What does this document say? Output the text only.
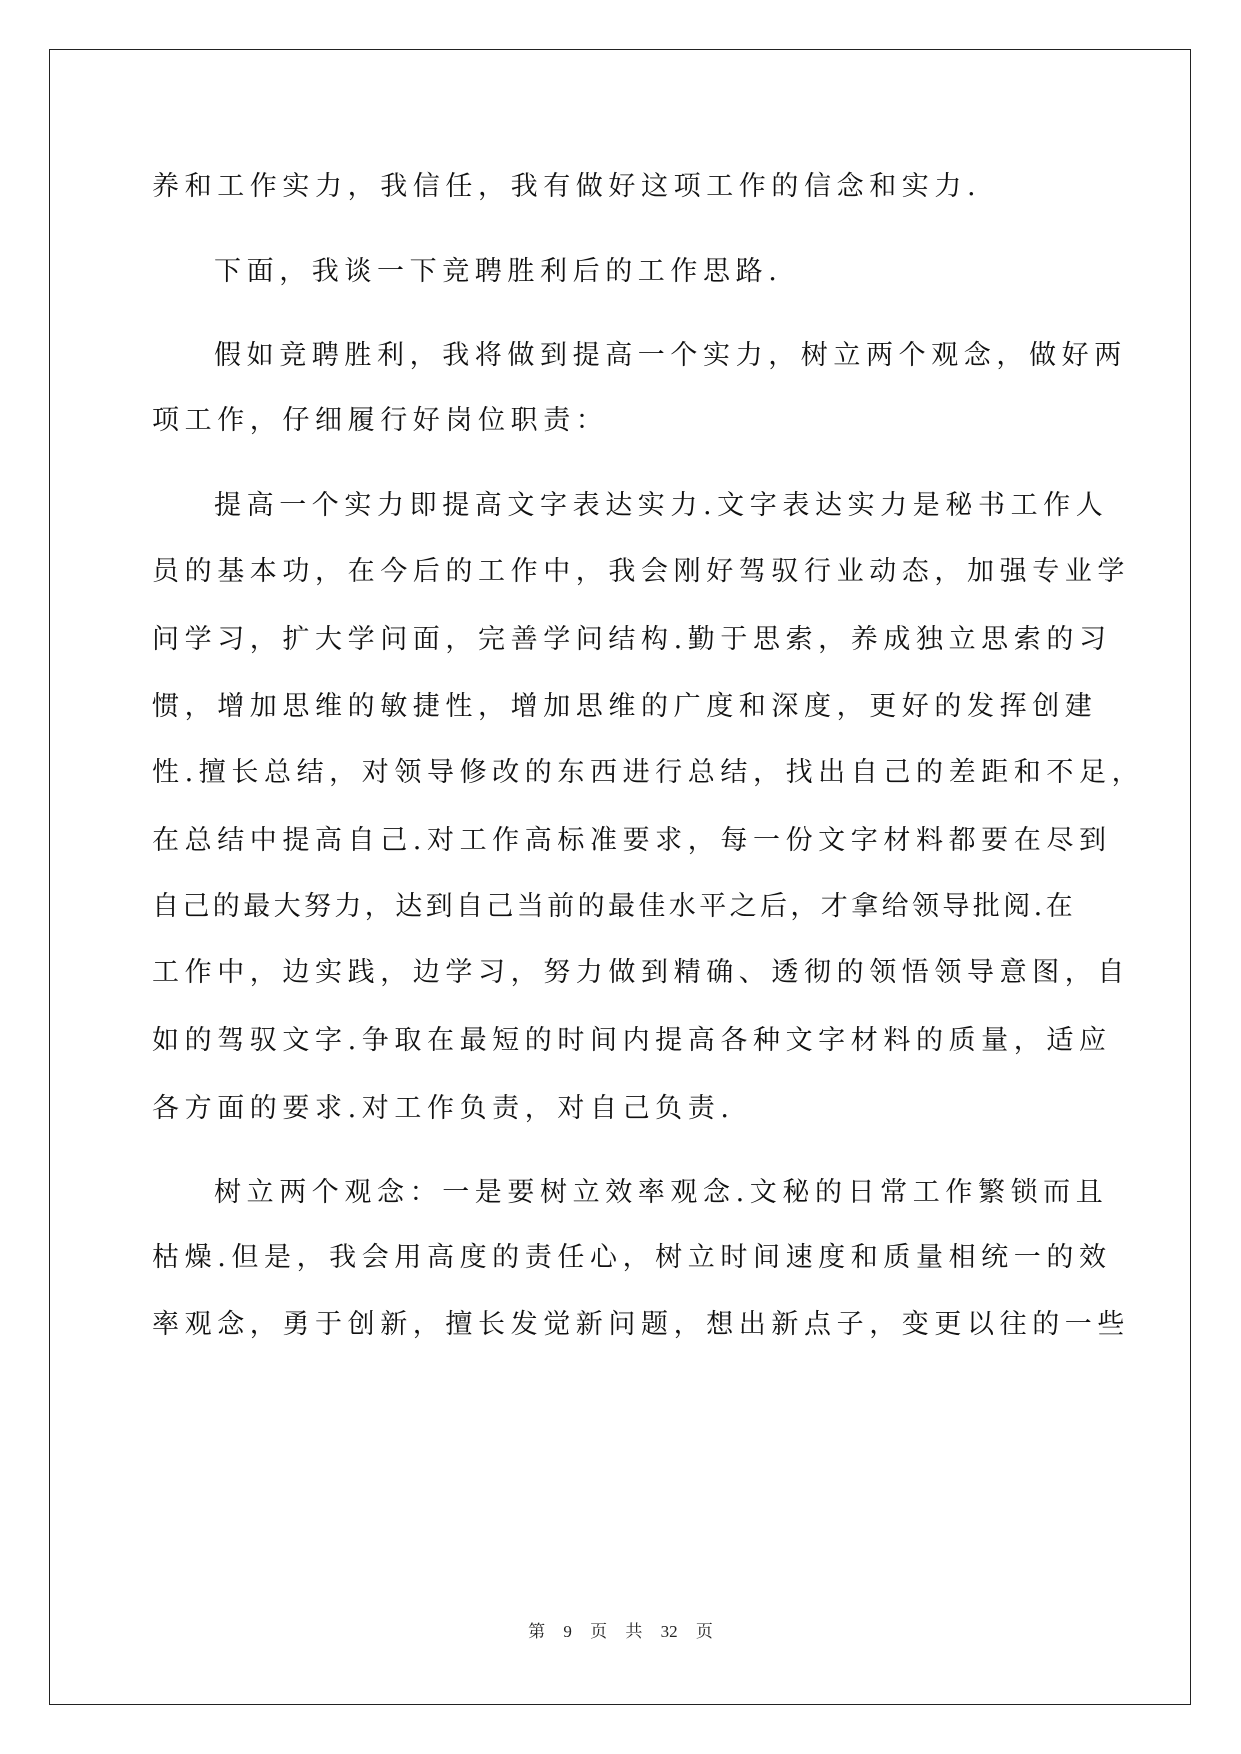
养和工作实力，我信任，我有做好这项工作的信念和实力.
下面，我谈一下竞聘胜利后的工作思路.
假如竞聘胜利，我将做到提高一个实力，树立两个观念，做好两
项工作，仔细履行好岗位职责：
提高一个实力即提高文字表达实力.文字表达实力是秘书工作人
员的基本功，在今后的工作中，我会刚好驾驭行业动态，加强专业学
问学习，扩大学问面，完善学问结构.勤于思索，养成独立思索的习
惯，增加思维的敏捷性，增加思维的广度和深度，更好的发挥创建
性.擅长总结，对领导修改的东西进行总结，找出自己的差距和不足，
在总结中提高自己.对工作高标准要求，每一份文字材料都要在尽到
自己的最大努力，达到自己当前的最佳水平之后，才拿给领导批阅.在
工作中，边实践，边学习，努力做到精确、透彻的领悟领导意图，自
如的驾驭文字.争取在最短的时间内提高各种文字材料的质量，适应
各方面的要求.对工作负责，对自己负责.
树立两个观念：一是要树立效率观念.文秘的日常工作繁锁而且
枯燥.但是，我会用高度的责任心，树立时间速度和质量相统一的效
率观念，勇于创新，擅长发觉新问题，想出新点子，变更以往的一些
第 9 页 共 32 页
